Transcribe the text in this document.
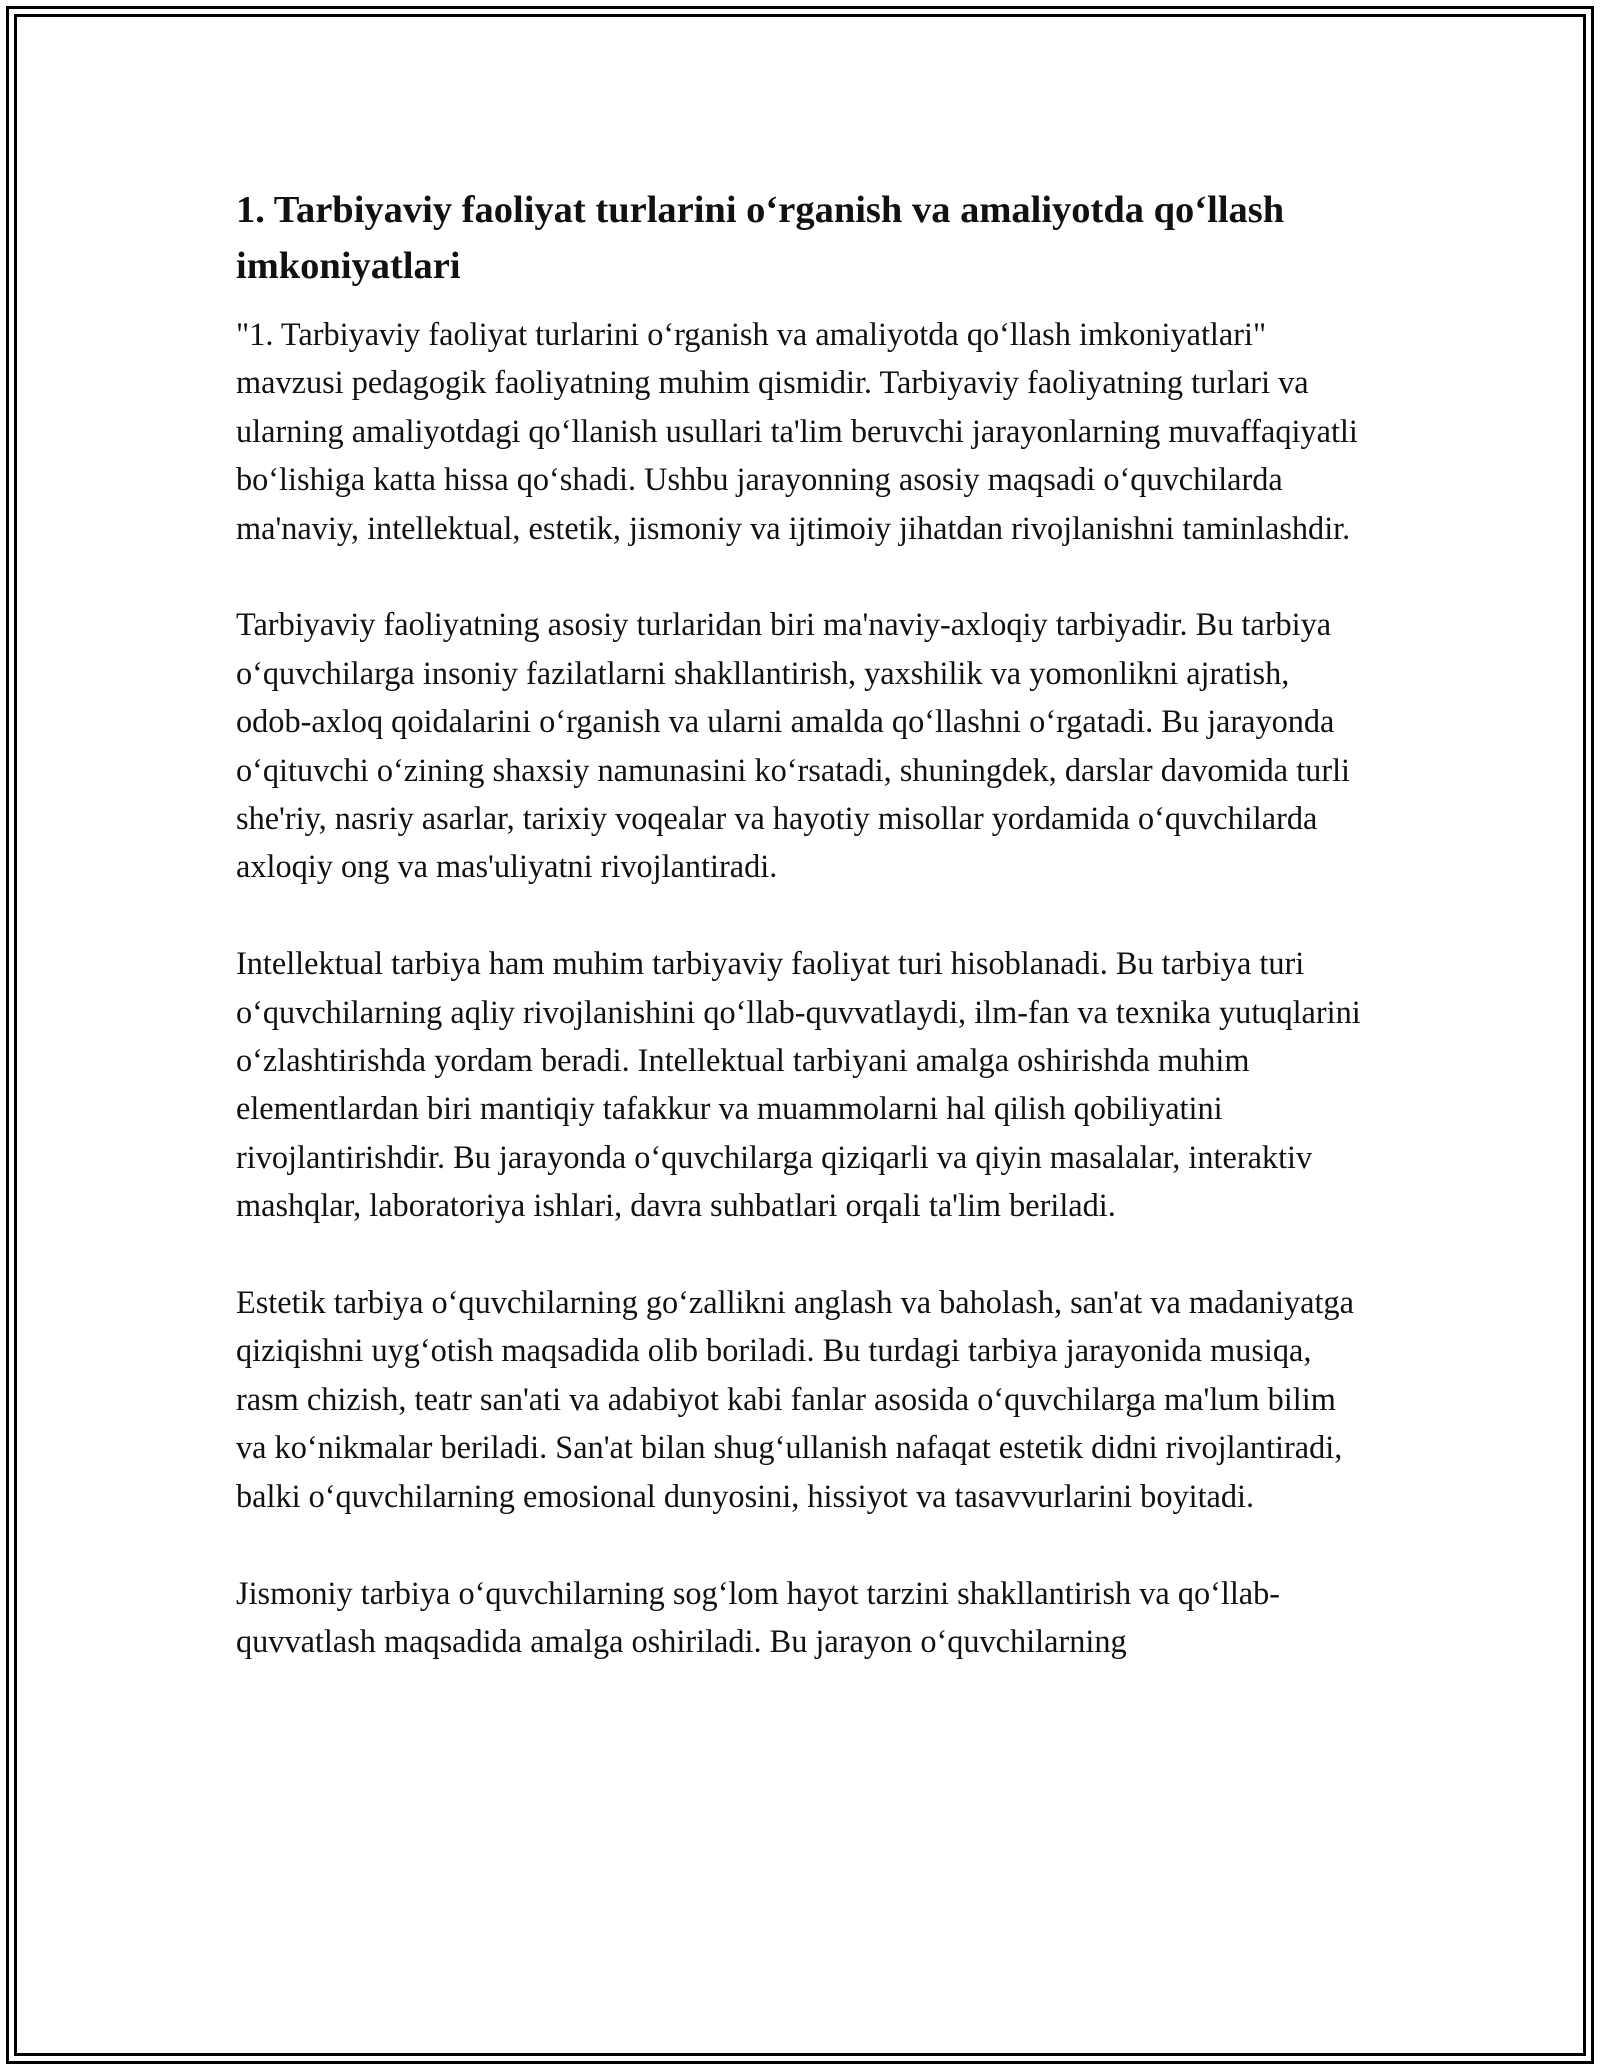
1. Tarbiyaviy faoliyat turlarini o‘rganish va amaliyotda qo‘llash imkoniyatlari

"1. Tarbiyaviy faoliyat turlarini o‘rganish va amaliyotda qo‘llash imkoniyatlari" mavzusi pedagogik faoliyatning muhim qismidir. Tarbiyaviy faoliyatning turlari va ularning amaliyotdagi qo‘llanish usullari ta'lim beruvchi jarayonlarning muvaffaqiyatli bo‘lishiga katta hissa qo‘shadi. Ushbu jarayonning asosiy maqsadi o‘quvchilarda ma'naviy, intellektual, estetik, jismoniy va ijtimoiy jihatdan rivojlanishni taminlashdir.

Tarbiyaviy faoliyatning asosiy turlaridan biri ma'naviy-axloqiy tarbiyadir. Bu tarbiya o‘quvchilarga insoniy fazilatlarni shakllantirish, yaxshilik va yomonlikni ajratish, odob-axloq qoidalarini o‘rganish va ularni amalda qo‘llashni o‘rgatadi. Bu jarayonda o‘qituvchi o‘zining shaxsiy namunasini ko‘rsatadi, shuningdek, darslar davomida turli she'riy, nasriy asarlar, tarixiy voqealar va hayotiy misollar yordamida o‘quvchilarda axloqiy ong va mas'uliyatni rivojlantiradi.

Intellektual tarbiya ham muhim tarbiyaviy faoliyat turi hisoblanadi. Bu tarbiya turi o‘quvchilarning aqliy rivojlanishini qo‘llab-quvvatlaydi, ilm-fan va texnika yutuqlarini o‘zlashtirishda yordam beradi. Intellektual tarbiyani amalga oshirishda muhim elementlardan biri mantiqiy tafakkur va muammolarni hal qilish qobiliyatini rivojlantirishdir. Bu jarayonda o‘quvchilarga qiziqarli va qiyin masalalar, interaktiv mashqlar, laboratoriya ishlari, davra suhbatlari orqali ta'lim beriladi.

Estetik tarbiya o‘quvchilarning go‘zallikni anglash va baholash, san'at va madaniyatga qiziqishni uyg‘otish maqsadida olib boriladi. Bu turdagi tarbiya jarayonida musiqa, rasm chizish, teatr san'ati va adabiyot kabi fanlar asosida o‘quvchilarga ma'lum bilim va ko‘nikmalar beriladi. San'at bilan shug‘ullanish nafaqat estetik didni rivojlantiradi, balki o‘quvchilarning emosional dunyosini, hissiyot va tasavvurlarini boyitadi.

Jismoniy tarbiya o‘quvchilarning sog‘lom hayot tarzini shakllantirish va qo‘llab-quvvatlash maqsadida amalga oshiriladi. Bu jarayon o‘quvchilarning
